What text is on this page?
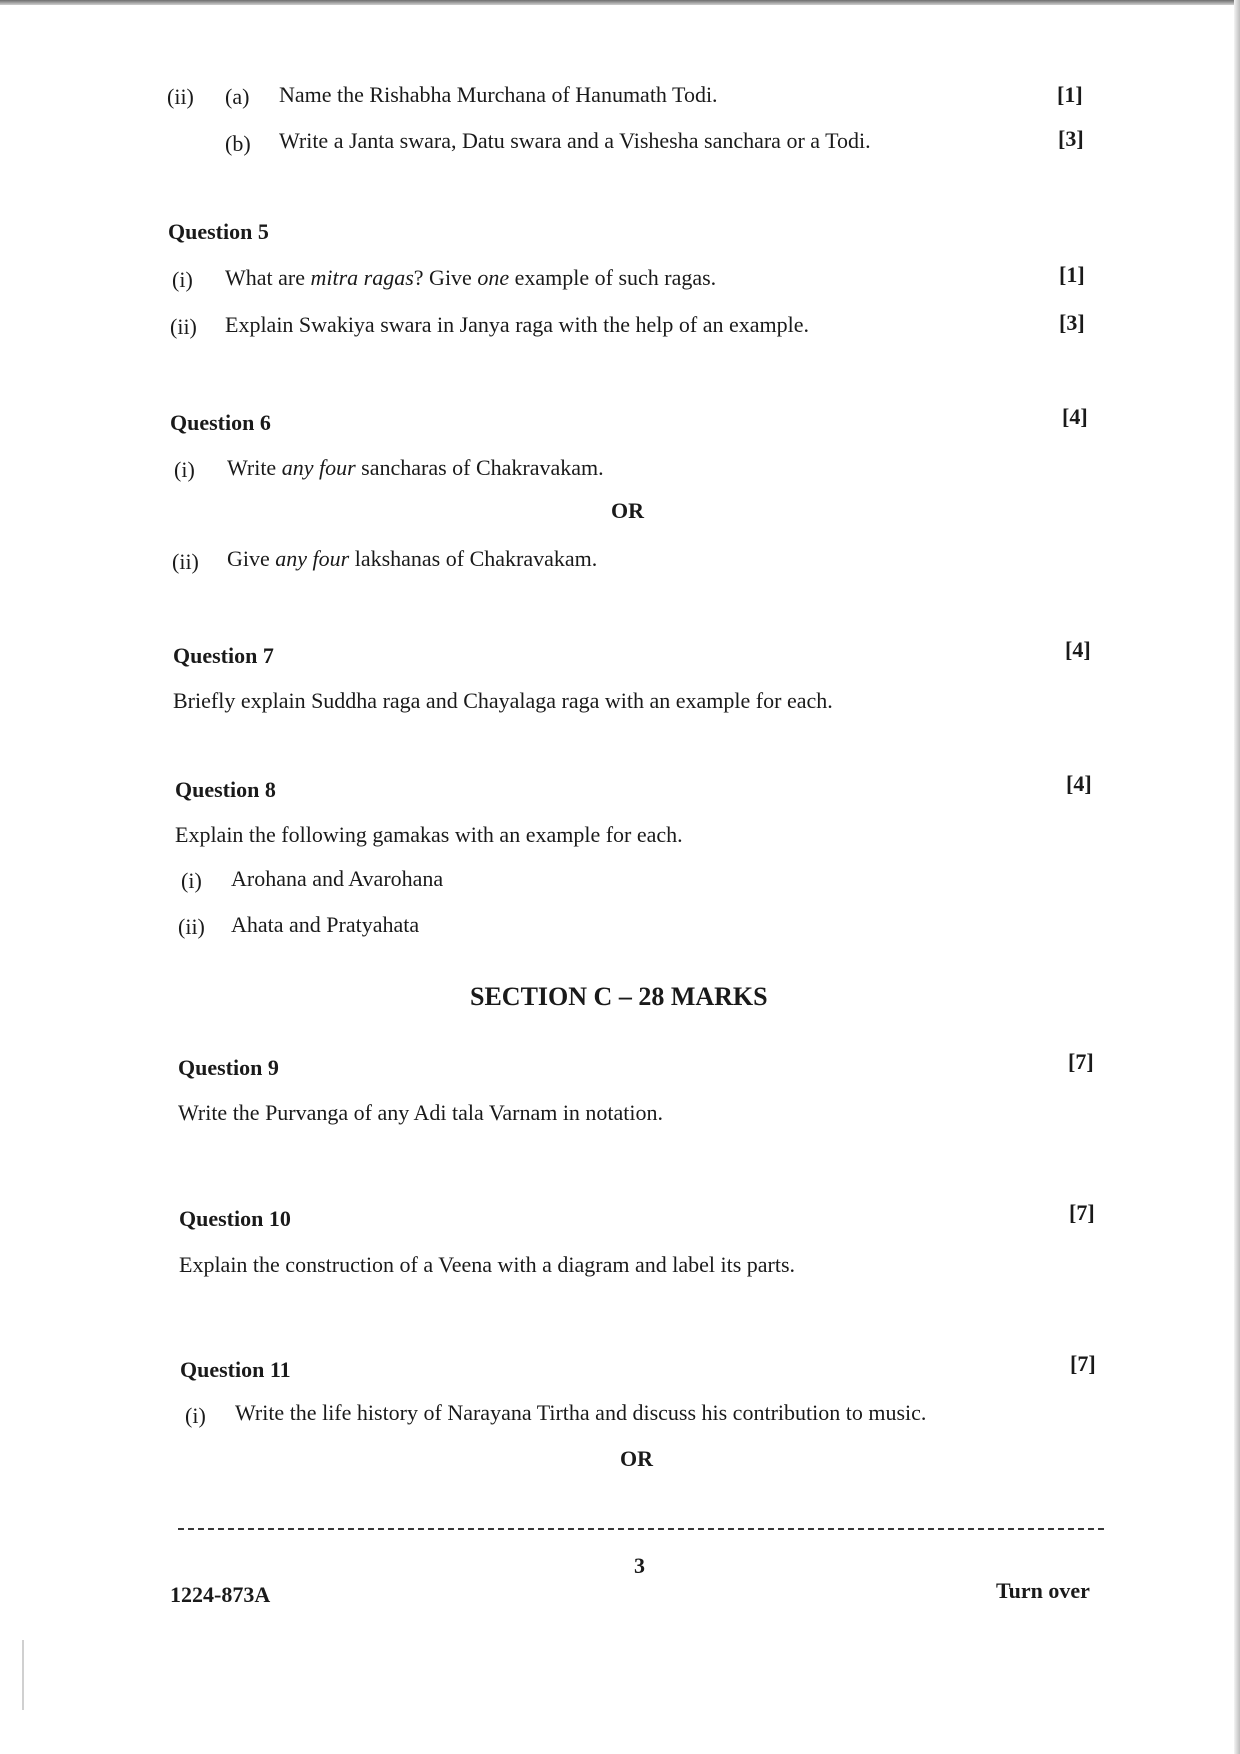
(ii) (a) Name the Rishabha Murchana of Hanumath Todi.	[1]
(b) Write a Janta swara, Datu swara and a Vishesha sanchara or a Todi.	[3]
Question 5
(i) What are mitra ragas? Give one example of such ragas.	[1]
(ii) Explain Swakiya swara in Janya raga with the help of an example.	[3]
Question 6	[4]
(i) Write any four sancharas of Chakravakam.
OR
(ii) Give any four lakshanas of Chakravakam.
Question 7	[4]
Briefly explain Suddha raga and Chayalaga raga with an example for each.
Question 8	[4]
Explain the following gamakas with an example for each.
(i) Arohana and Avarohana
(ii) Ahata and Pratyahata
SECTION C – 28 MARKS
Question 9	[7]
Write the Purvanga of any Adi tala Varnam in notation.
Question 10	[7]
Explain the construction of a Veena with a diagram and label its parts.
Question 11	[7]
(i) Write the life history of Narayana Tirtha and discuss his contribution to music.
OR
3
1224-873A	Turn over
